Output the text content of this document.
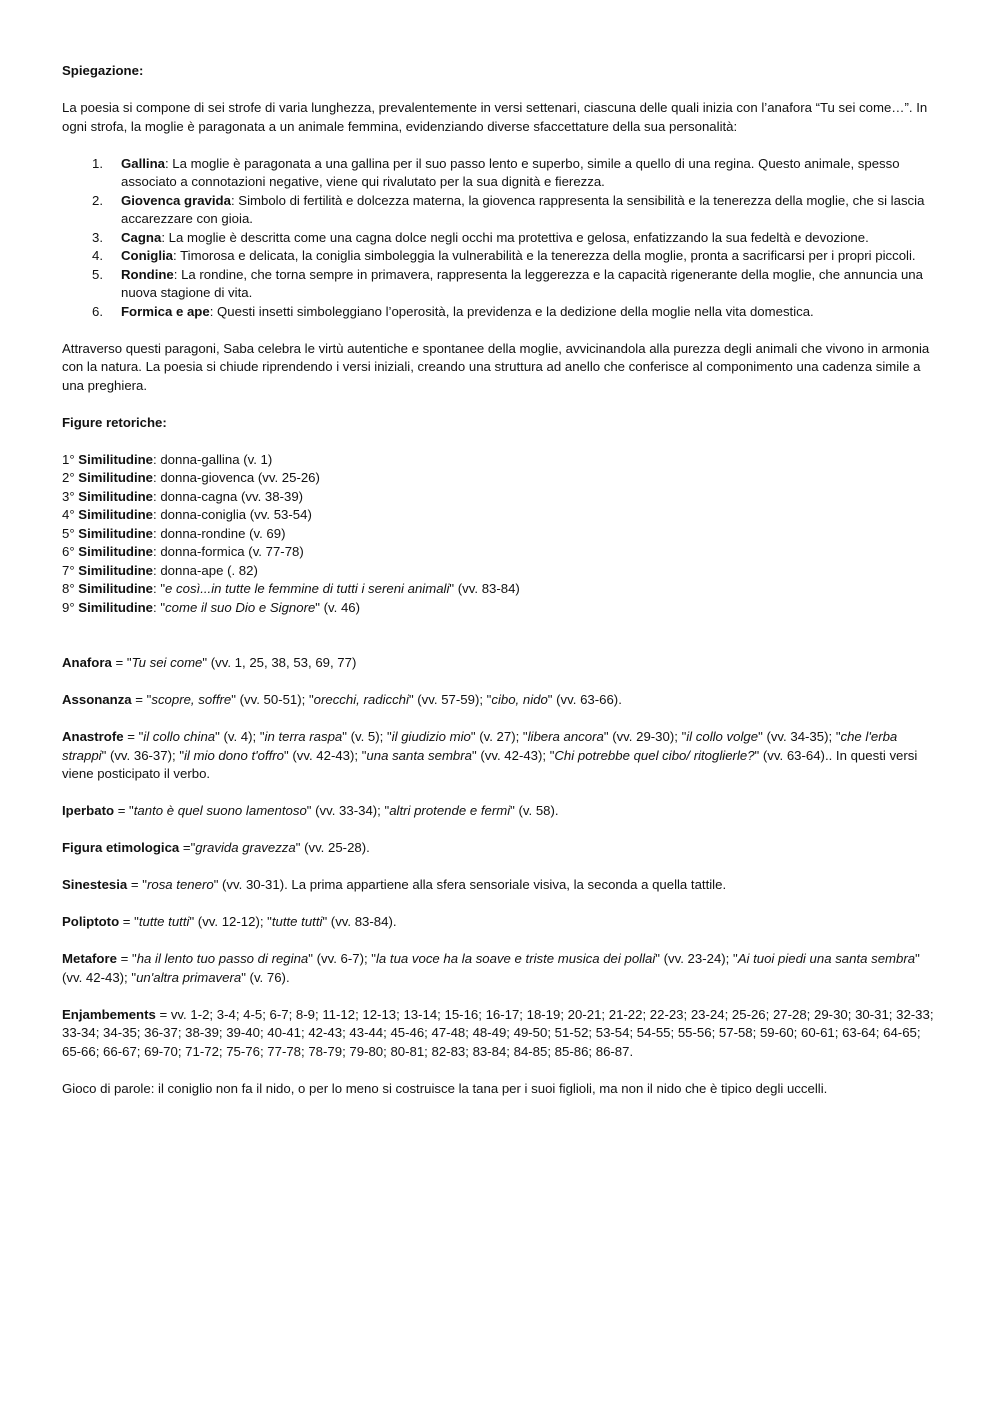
Spiegazione:

La poesia si compone di sei strofe di varia lunghezza, prevalentemente in versi settenari, ciascuna delle quali inizia con l’anafora “Tu sei come…”. In ogni strofa, la moglie è paragonata a un animale femmina, evidenziando diverse sfaccettature della sua personalità:

1. Gallina: La moglie è paragonata a una gallina per il suo passo lento e superbo, simile a quello di una regina. Questo animale, spesso associato a connotazioni negative, viene qui rivalutato per la sua dignità e fierezza.
2. Giovenca gravida: Simbolo di fertilità e dolcezza materna, la giovenca rappresenta la sensibilità e la tenerezza della moglie, che si lascia accarezzare con gioia.
3. Cagna: La moglie è descritta come una cagna dolce negli occhi ma protettiva e gelosa, enfatizzando la sua fedeltà e devozione.
4. Coniglia: Timorosa e delicata, la coniglia simboleggia la vulnerabilità e la tenerezza della moglie, pronta a sacrificarsi per i propri piccoli.
5. Rondine: La rondine, che torna sempre in primavera, rappresenta la leggerezza e la capacità rigenerante della moglie, che annuncia una nuova stagione di vita.
6. Formica e ape: Questi insetti simboleggiano l’operosità, la previdenza e la dedizione della moglie nella vita domestica.

Attraverso questi paragoni, Saba celebra le virtù autentiche e spontanee della moglie, avvicinandola alla purezza degli animali che vivono in armonia con la natura. La poesia si chiude riprendendo i versi iniziali, creando una struttura ad anello che conferisce al componimento una cadenza simile a una preghiera.

Figure retoriche:
1° Similitudine: donna-gallina (v. 1)
2° Similitudine: donna-giovenca (vv. 25-26)
3° Similitudine: donna-cagna (vv. 38-39)
4° Similitudine: donna-coniglia (vv. 53-54)
5° Similitudine: donna-rondine (v. 69)
6° Similitudine: donna-formica (v. 77-78)
7° Similitudine: donna-ape (. 82)
8° Similitudine: "e così...in tutte le femmine di tutti i sereni animali" (vv. 83-84)
9° Similitudine: "come il suo Dio e Signore" (v. 46)

Anafora = "Tu sei come" (vv. 1, 25, 38, 53, 69, 77)

Assonanza = "scopre, soffre" (vv. 50-51); "orecchi, radicchi" (vv. 57-59); "cibo, nido" (vv. 63-66).

Anastrofe = "il collo china" (v. 4); "in terra raspa" (v. 5); "il giudizio mio" (v. 27); "libera ancora" (vv. 29-30); "il collo volge" (vv. 34-35); "che l'erba strappi" (vv. 36-37); "il mio dono t'offro" (vv. 42-43); "una santa sembra" (vv. 42-43); "Chi potrebbe quel cibo/ ritoglierle?" (vv. 63-64).. In questi versi viene posticipato il verbo.

Iperbato = "tanto è quel suono lamentoso" (vv. 33-34); "altri protende e fermi" (v. 58).

Figura etimologica ="gravida gravezza" (vv. 25-28).

Sinestesia = "rosa tenero" (vv. 30-31). La prima appartiene alla sfera sensoriale visiva, la seconda a quella tattile.

Poliptoto = "tutte tutti" (vv. 12-12); "tutte tutti" (vv. 83-84).

Metafore = "ha il lento tuo passo di regina" (vv. 6-7); "la tua voce ha la soave e triste musica dei pollai" (vv. 23-24); "Ai tuoi piedi una santa sembra" (vv. 42-43); "un'altra primavera" (v. 76).

Enjambements = vv. 1-2; 3-4; 4-5; 6-7; 8-9; 11-12; 12-13; 13-14; 15-16; 16-17; 18-19; 20-21; 21-22; 22-23; 23-24; 25-26; 27-28; 29-30; 30-31; 32-33; 33-34; 34-35; 36-37; 38-39; 39-40; 40-41; 42-43; 43-44; 45-46; 47-48; 48-49; 49-50; 51-52; 53-54; 54-55; 55-56; 57-58; 59-60; 60-61; 63-64; 64-65; 65-66; 66-67; 69-70; 71-72; 75-76; 77-78; 78-79; 79-80; 80-81; 82-83; 83-84; 84-85; 85-86; 86-87.

Gioco di parole: il coniglio non fa il nido, o per lo meno si costruisce la tana per i suoi figlioli, ma non il nido che è tipico degli uccelli.
